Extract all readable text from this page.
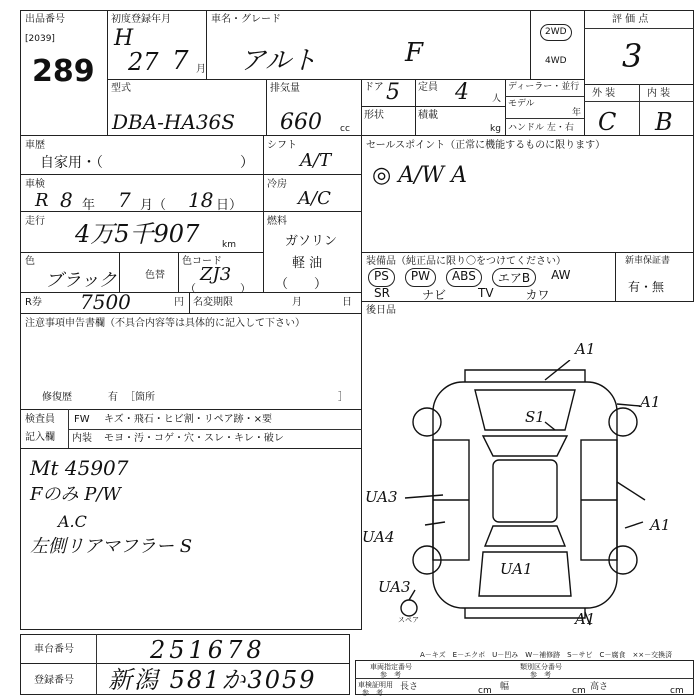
出品番号
[2039]
289
初度登録年月
H
27 7 月
車名・グレード
アルト	F
2WD
4WD
評 価 点
3
型式
DBA-HA36S
排気量
660 cc
ドア 5 定員 4	人
形状	積載
kg
ディーラー・並行
モデル
年
ハンドル 左・右
外 装	内 装
C B
車歴
自家用・（	）
シフト
A/T
車検
R 8 年 7 月（ 18 日）
冷房
A/C
走行 4万5千907	km
燃料
ガソリン
軽 油
（　　）
色
ブラック	色替
色コード
ZJ3
（　　　　）
R券 7500	円 名変期限	月	日
セールスポイント（正常に機能するものに限ります）
◎ A/W A
装備品（純正品に限り〇をつけてください）
PS	PW	ABS	エアB	AW
SR	ナビ	TV	カワ
新車保証書
有・無
後日品
注意事項申告書欄（不具合内容等は具体的に記入して下さい）
修復歴	有 ［箇所	］
検査員
記入欄
FW キズ・飛石・ヒビ割・リペア跡・×要
内装 モヨ・汚・コゲ・穴・スレ・キレ・破レ
Mt 45907
Fのみ P/W
A.C
左側リアマフラー S
A1
A1
S1
UA3
UA4
A1
UA1
UA3
A1
スペア
A－キズ　E－エクボ　U－凹み　W－補修跡　S－サビ　C－腐食　××－交換済
車台番号	251678
登録番号 新潟 581か3059	車両指定番号
参　考
車検証明用
参　考
類別区分番号
参　考
長さ	cm 幅	cm 高さ	cm
